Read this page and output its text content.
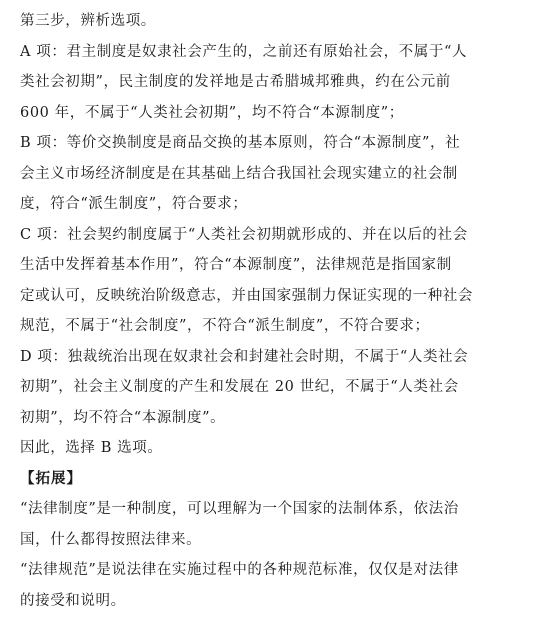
第三步，辨析选项。
A 项：君主制度是奴隶社会产生的，之前还有原始社会，不属于“人
类社会初期”，民主制度的发祥地是古希腊城邦雅典，约在公元前
600 年，不属于“人类社会初期”，均不符合“本源制度”；
B 项：等价交换制度是商品交换的基本原则，符合“本源制度”，社
会主义市场经济制度是在其基础上结合我国社会现实建立的社会制
度，符合“派生制度”，符合要求；
C 项：社会契约制度属于“人类社会初期就形成的、并在以后的社会
生活中发挥着基本作用”，符合“本源制度”，法律规范是指国家制
定或认可，反映统治阶级意志，并由国家强制力保证实现的一种社会
规范，不属于“社会制度”，不符合“派生制度”，不符合要求；
D 项：独裁统治出现在奴隶社会和封建社会时期，不属于“人类社会
初期”，社会主义制度的产生和发展在 20 世纪，不属于“人类社会
初期”，均不符合“本源制度”。
因此，选择 B 选项。
【拓展】
“法律制度”是一种制度，可以理解为一个国家的法制体系，依法治
国，什么都得按照法律来。
“法律规范”是说法律在实施过程中的各种规范标准，仅仅是对法律
的接受和说明。
